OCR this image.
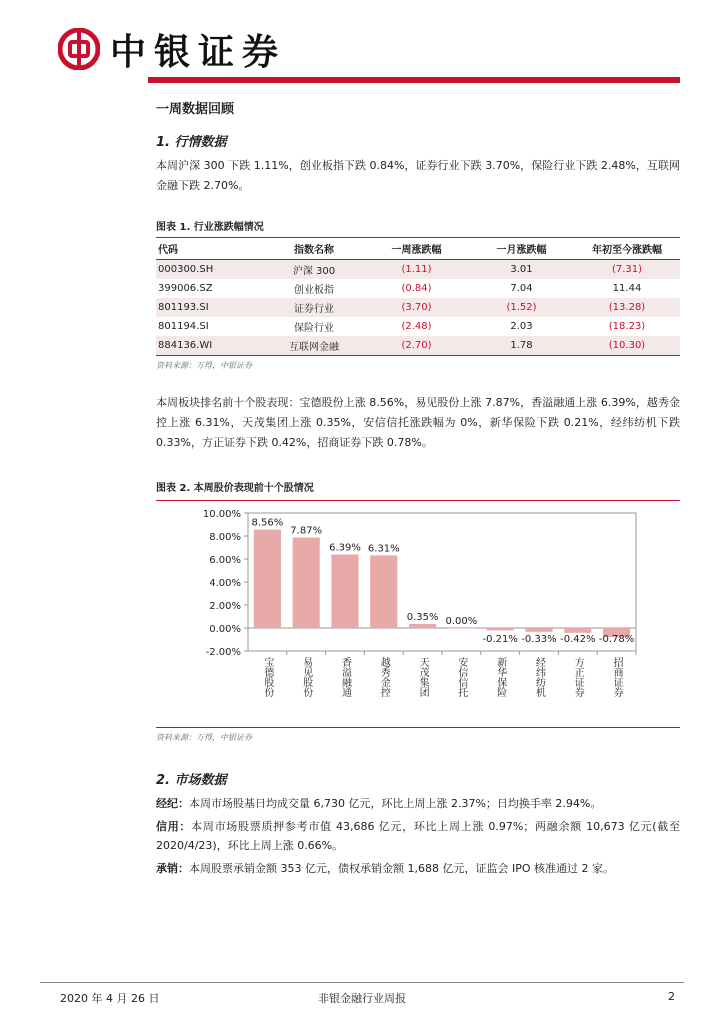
中银证券
一周数据回顾
1. 行情数据
本周沪深 300 下跌 1.11%，创业板指下跌 0.84%，证券行业下跌 3.70%，保险行业下跌 2.48%，互联网金融下跌 2.70%。
图表 1. 行业涨跌幅情况
代码	指数名称	一周涨跌幅	一月涨跌幅	年初至今涨跌幅
000300.SH	沪深 300	(1.11)	3.01	(7.31)
399006.SZ	创业板指	(0.84)	7.04	11.44
801193.SI	证券行业	(3.70)	(1.52)	(13.28)
801194.SI	保险行业	(2.48)	2.03	(18.23)
884136.WI	互联网金融	(2.70)	1.78	(10.30)
资料来源：万得，中银证券
本周板块排名前十个股表现：宝德股份上涨 8.56%，易见股份上涨 7.87%，香溢融通上涨 6.39%，越秀金控上涨 6.31%，天茂集团上涨 0.35%，安信信托涨跌幅为 0%，新华保险下跌 0.21%，经纬纺机下跌 0.33%，方正证券下跌 0.42%，招商证券下跌 0.78%。
图表 2. 本周股价表现前十个股情况
10.00%
8.00%
6.00%
4.00%
2.00%
0.00%
-2.00%
8.56%
宝德股份
7.87%
易见股份
6.39%
香溢融通
6.31%
越秀金控
0.35%
天茂集团
0.00%
安信信托
-0.21%
新华保险
-0.33%
经纬纺机
-0.42%
方正证券
-0.78%
招商证券
资料来源：万得，中银证券
2. 市场数据
经纪：本周市场股基日均成交量 6,730 亿元，环比上周上涨 2.37%；日均换手率 2.94%。
信用：本周市场股票质押参考市值 43,686 亿元，环比上周上涨 0.97%；两融余额 10,673 亿元(截至 2020/4/23)，环比上周上涨 0.66%。
承销：本周股票承销金额 353 亿元，债权承销金额 1,688 亿元，证监会 IPO 核准通过 2 家。
2020 年 4 月 26 日	非银金融行业周报	2
